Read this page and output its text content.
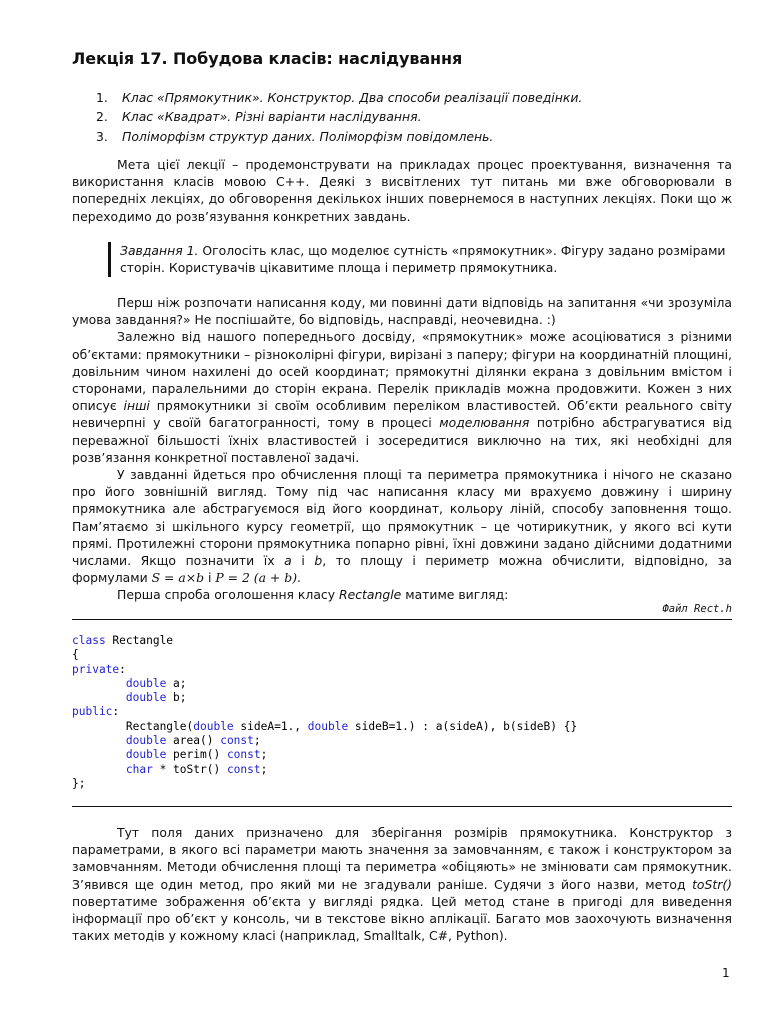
Лекція 17. Побудова класів: наслідування
1. Клас «Прямокутник». Конструктор. Два способи реалізації поведінки.
2. Клас «Квадрат». Різні варіанти наслідування.
3. Поліморфізм структур даних. Поліморфізм повідомлень.

Мета цієї лекції – продемонструвати на прикладах процес проектування, визначення та використання класів мовою С++. Деякі з висвітлених тут питань ми вже обговорювали в попередніх лекціях, до обговорення декількох інших повернемося в наступних лекціях. Поки що ж переходимо до розв’язування конкретних завдань.

Завдання 1. Оголосіть клас, що моделює сутність «прямокутник». Фігуру задано розмірами сторін. Користувачів цікавитиме площа і периметр прямокутника.

Перш ніж розпочати написання коду, ми повинні дати відповідь на запитання «чи зрозуміла умова завдання?» Не поспішайте, бо відповідь, насправді, неочевидна. :)

Залежно від нашого попереднього досвіду, «прямокутник» може асоціюватися з різними об’єктами: прямокутники – різноколірні фігури, вирізані з паперу; фігури на координатній площині, довільним чином нахилені до осей координат; прямокутні ділянки екрана з довільним вмістом і сторонами, паралельними до сторін екрана. Перелік прикладів можна продовжити. Кожен з них описує інші прямокутники зі своїм особливим переліком властивостей. Об’єкти реального світу невичерпні у своїй багатогранності, тому в процесі моделювання потрібно абстрагуватися від переважної більшості їхніх властивостей і зосередитися виключно на тих, які необхідні для розв’язання конкретної поставленої задачі.

У завданні йдеться про обчислення площі та периметра прямокутника і нічого не сказано про його зовнішній вигляд. Тому під час написання класу ми врахуємо довжину і ширину прямокутника але абстрагуємося від його координат, кольору ліній, способу заповнення тощо. Пам’ятаємо зі шкільного курсу геометрії, що прямокутник – це чотирикутник, у якого всі кути прямі. Протилежні сторони прямокутника попарно рівні, їхні довжини задано дійсними додатними числами. Якщо позначити їх a і b, то площу і периметр можна обчислити, відповідно, за формулами S = a×b і P = 2 (a + b).

Перша спроба оголошення класу Rectangle матиме вигляд:

Файл Rect.h
class Rectangle
{
private:
double a;
double b;
public:
Rectangle(double sideA=1., double sideB=1.) : a(sideA), b(sideB) {}
double area() const;
double perim() const;
char * toStr() const;
};

Тут поля даних призначено для зберігання розмірів прямокутника. Конструктор з параметрами, в якого всі параметри мають значення за замовчанням, є також і конструктором за замовчанням. Методи обчислення площі та периметра «обіцяють» не змінювати сам прямокутник. З’явився ще один метод, про який ми не згадували раніше. Судячи з його назви, метод toStr() повертатиме зображення об’єкта у вигляді рядка. Цей метод стане в пригоді для виведення інформації про об’єкт у консоль, чи в текстове вікно аплікації. Багато мов заохочують визначення таких методів у кожному класі (наприклад, Smalltalk, C#, Python).

1
